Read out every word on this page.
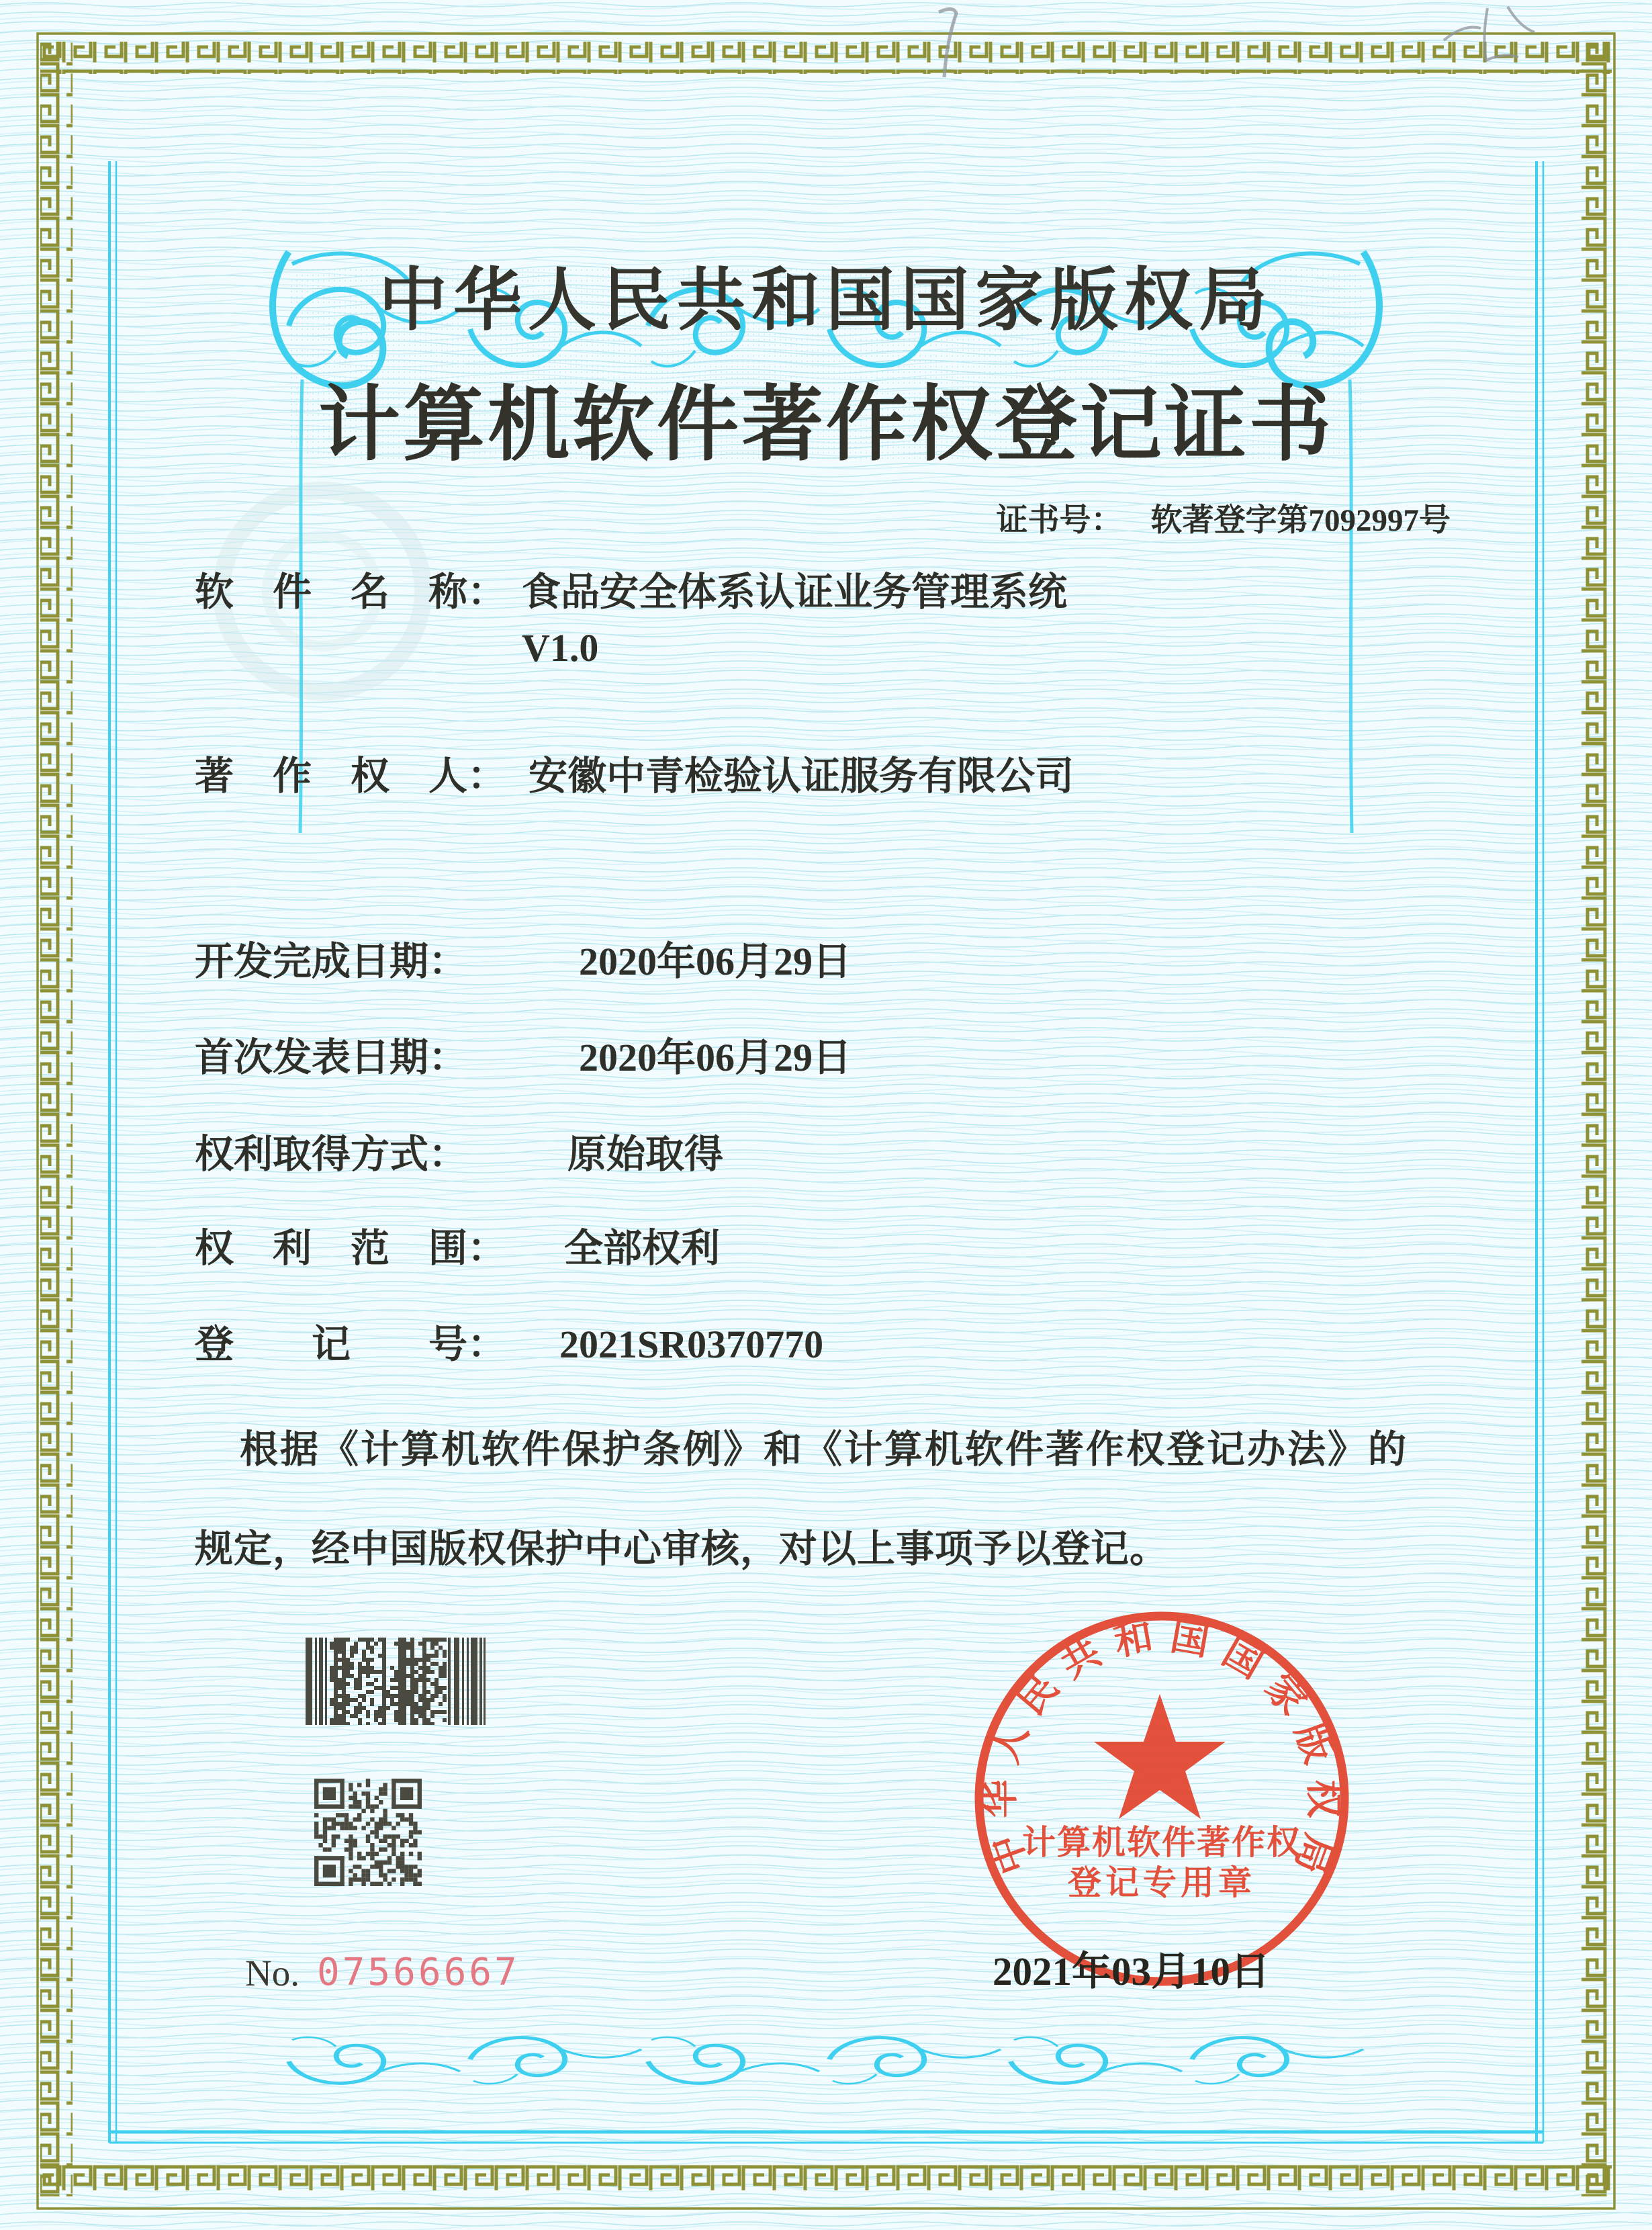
中华人民共和国国家版权局
计算机软件著作权登记证书
证书号： 软著登字第7092997号
软　件　名　称： 食品安全体系认证业务管理系统
V1.0
著　作　权　人： 安徽中青检验认证服务有限公司
开发完成日期：	2020年06月29日
首次发表日期：	2020年06月29日
权利取得方式：	原始取得
权　利　范　围： 全部权利
登　　记　　号： 2021SR0370770
根据《计算机软件保护条例》和《计算机软件著作权登记办法》的
规定，经中国版权保护中心审核，对以上事项予以登记。
中
华
人
民
共 和 国 国
家
版
权
局
计算机软件著作权
登记专用章
No. 07566667	2021年03月10日
